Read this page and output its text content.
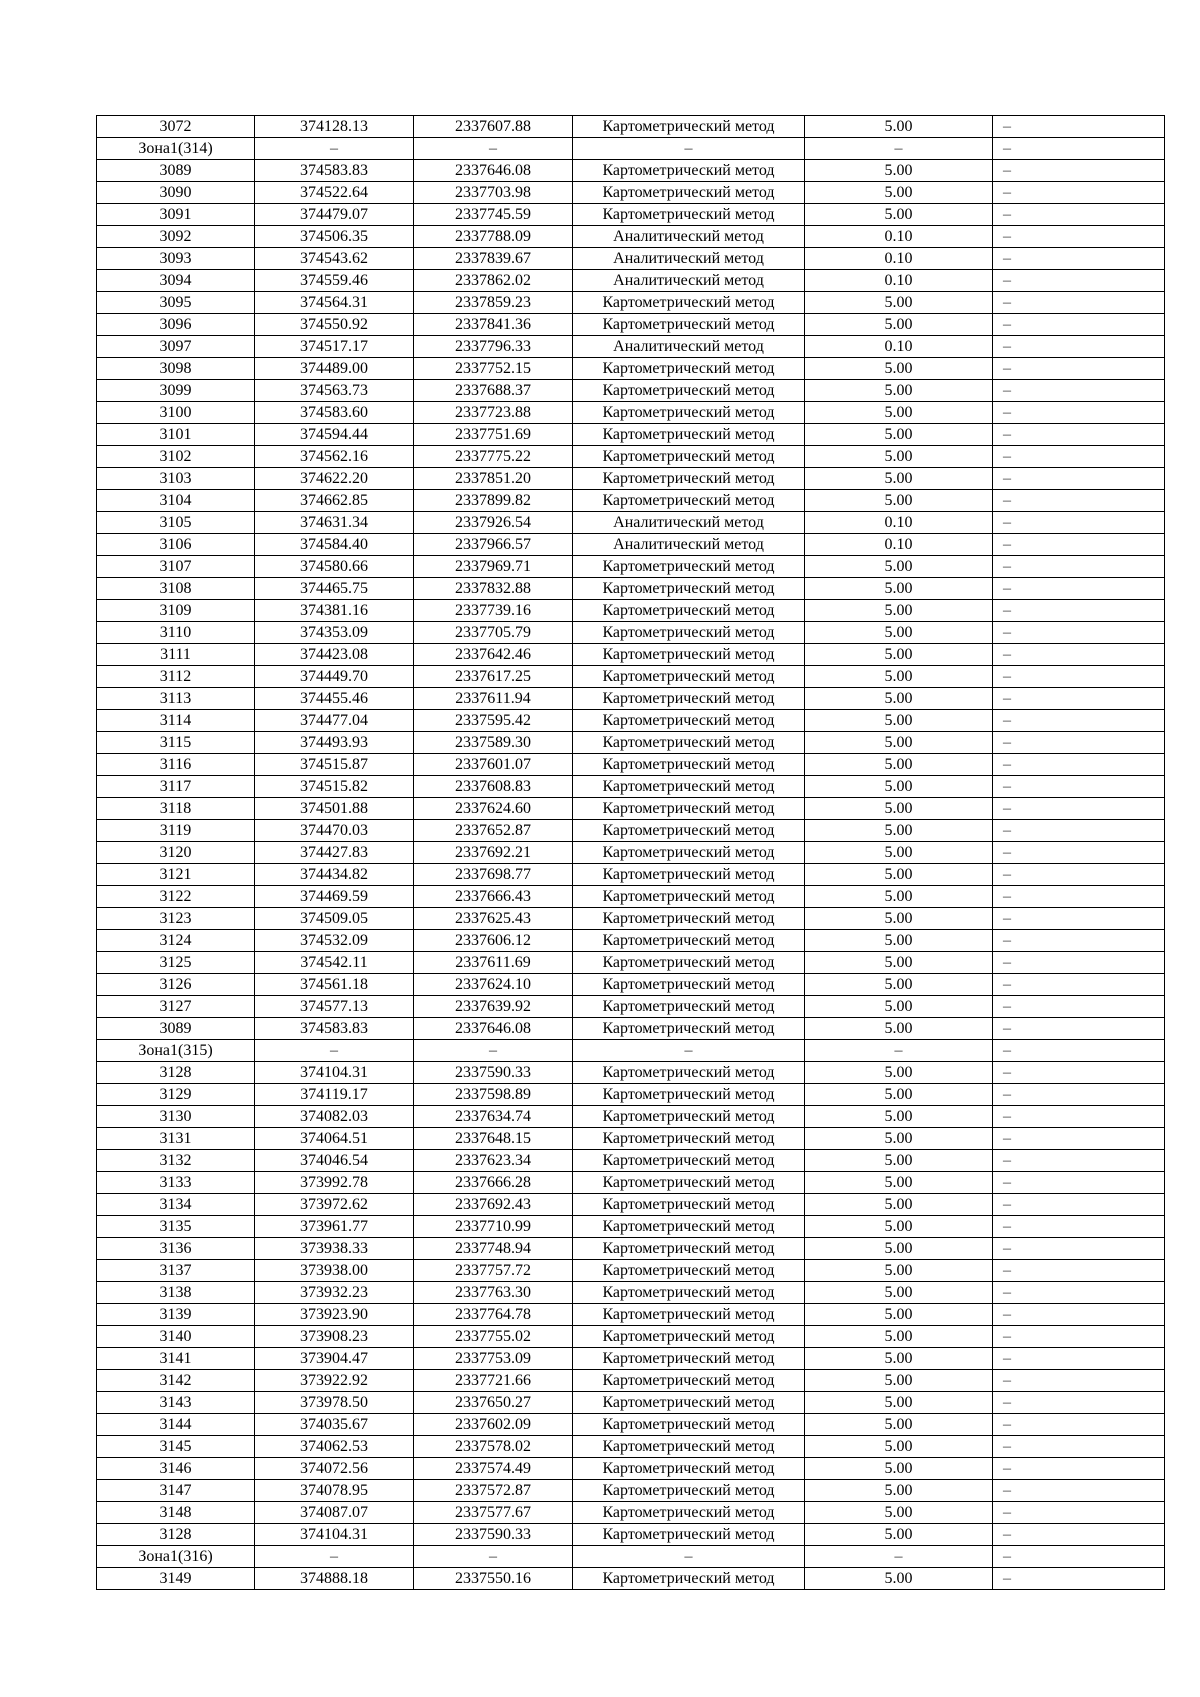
3072	374128.13	2337607.88	Картометрический метод	5.00	–
Зона1(314)	–	–	–	–	–
3089	374583.83	2337646.08	Картометрический метод	5.00	–
3090	374522.64	2337703.98	Картометрический метод	5.00	–
3091	374479.07	2337745.59	Картометрический метод	5.00	–
3092	374506.35	2337788.09	Аналитический метод	0.10	–
3093	374543.62	2337839.67	Аналитический метод	0.10	–
3094	374559.46	2337862.02	Аналитический метод	0.10	–
3095	374564.31	2337859.23	Картометрический метод	5.00	–
3096	374550.92	2337841.36	Картометрический метод	5.00	–
3097	374517.17	2337796.33	Аналитический метод	0.10	–
3098	374489.00	2337752.15	Картометрический метод	5.00	–
3099	374563.73	2337688.37	Картометрический метод	5.00	–
3100	374583.60	2337723.88	Картометрический метод	5.00	–
3101	374594.44	2337751.69	Картометрический метод	5.00	–
3102	374562.16	2337775.22	Картометрический метод	5.00	–
3103	374622.20	2337851.20	Картометрический метод	5.00	–
3104	374662.85	2337899.82	Картометрический метод	5.00	–
3105	374631.34	2337926.54	Аналитический метод	0.10	–
3106	374584.40	2337966.57	Аналитический метод	0.10	–
3107	374580.66	2337969.71	Картометрический метод	5.00	–
3108	374465.75	2337832.88	Картометрический метод	5.00	–
3109	374381.16	2337739.16	Картометрический метод	5.00	–
3110	374353.09	2337705.79	Картометрический метод	5.00	–
3111	374423.08	2337642.46	Картометрический метод	5.00	–
3112	374449.70	2337617.25	Картометрический метод	5.00	–
3113	374455.46	2337611.94	Картометрический метод	5.00	–
3114	374477.04	2337595.42	Картометрический метод	5.00	–
3115	374493.93	2337589.30	Картометрический метод	5.00	–
3116	374515.87	2337601.07	Картометрический метод	5.00	–
3117	374515.82	2337608.83	Картометрический метод	5.00	–
3118	374501.88	2337624.60	Картометрический метод	5.00	–
3119	374470.03	2337652.87	Картометрический метод	5.00	–
3120	374427.83	2337692.21	Картометрический метод	5.00	–
3121	374434.82	2337698.77	Картометрический метод	5.00	–
3122	374469.59	2337666.43	Картометрический метод	5.00	–
3123	374509.05	2337625.43	Картометрический метод	5.00	–
3124	374532.09	2337606.12	Картометрический метод	5.00	–
3125	374542.11	2337611.69	Картометрический метод	5.00	–
3126	374561.18	2337624.10	Картометрический метод	5.00	–
3127	374577.13	2337639.92	Картометрический метод	5.00	–
3089	374583.83	2337646.08	Картометрический метод	5.00	–
Зона1(315)	–	–	–	–	–
3128	374104.31	2337590.33	Картометрический метод	5.00	–
3129	374119.17	2337598.89	Картометрический метод	5.00	–
3130	374082.03	2337634.74	Картометрический метод	5.00	–
3131	374064.51	2337648.15	Картометрический метод	5.00	–
3132	374046.54	2337623.34	Картометрический метод	5.00	–
3133	373992.78	2337666.28	Картометрический метод	5.00	–
3134	373972.62	2337692.43	Картометрический метод	5.00	–
3135	373961.77	2337710.99	Картометрический метод	5.00	–
3136	373938.33	2337748.94	Картометрический метод	5.00	–
3137	373938.00	2337757.72	Картометрический метод	5.00	–
3138	373932.23	2337763.30	Картометрический метод	5.00	–
3139	373923.90	2337764.78	Картометрический метод	5.00	–
3140	373908.23	2337755.02	Картометрический метод	5.00	–
3141	373904.47	2337753.09	Картометрический метод	5.00	–
3142	373922.92	2337721.66	Картометрический метод	5.00	–
3143	373978.50	2337650.27	Картометрический метод	5.00	–
3144	374035.67	2337602.09	Картометрический метод	5.00	–
3145	374062.53	2337578.02	Картометрический метод	5.00	–
3146	374072.56	2337574.49	Картометрический метод	5.00	–
3147	374078.95	2337572.87	Картометрический метод	5.00	–
3148	374087.07	2337577.67	Картометрический метод	5.00	–
3128	374104.31	2337590.33	Картометрический метод	5.00	–
Зона1(316)	–	–	–	–	–
3149	374888.18	2337550.16	Картометрический метод	5.00	–
